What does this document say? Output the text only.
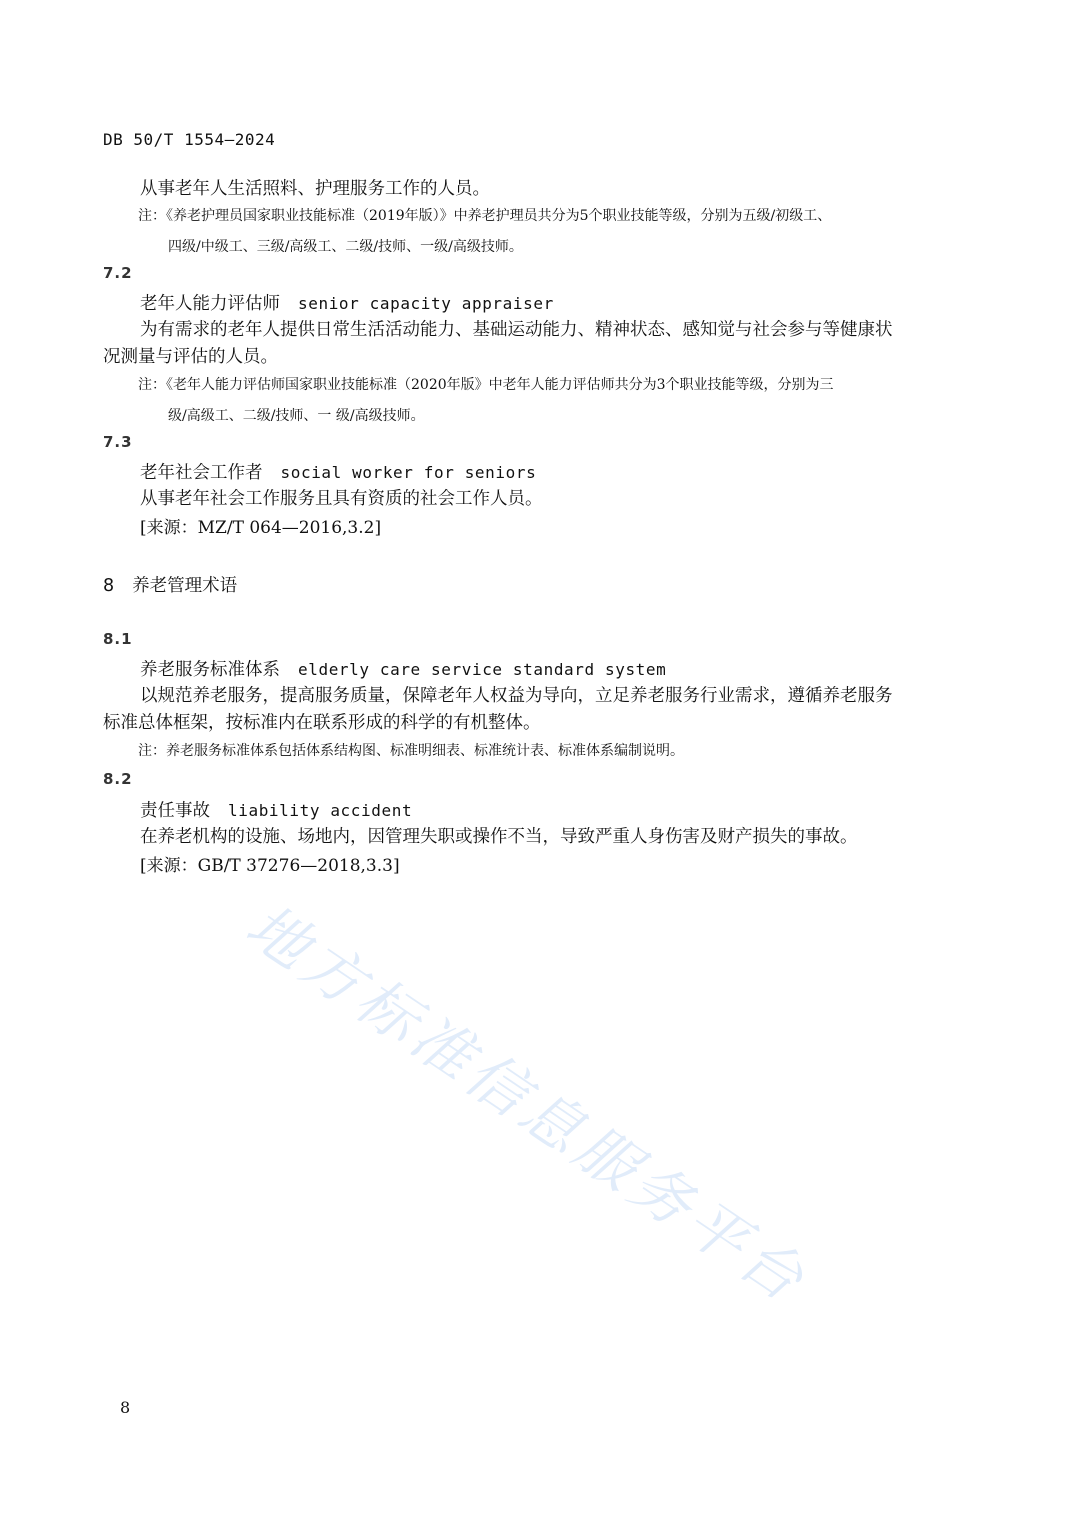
DB 50/T 1554—2024
从事老年人生活照料、护理服务工作的人员。
注：《养老护理员国家职业技能标准（2019年版）》中养老护理员共分为5个职业技能等级，分别为五级/初级工、
四级/中级工、三级/高级工、二级/技师、一级/高级技师。
7.2
老年人能力评估师 senior capacity appraiser
为有需求的老年人提供日常生活活动能力、基础运动能力、精神状态、感知觉与社会参与等健康状
况测量与评估的人员。
注：《老年人能力评估师国家职业技能标准（2020年版》中老年人能力评估师共分为3个职业技能等级，分别为三
级/高级工、二级/技师、一 级/高级技师。
7.3
老年社会工作者 social worker for seniors
从事老年社会工作服务且具有资质的社会工作人员。
[来源：MZ/T 064—2016,3.2]
8 养老管理术语
8.1
养老服务标准体系 elderly care service standard system
以规范养老服务，提高服务质量，保障老年人权益为导向，立足养老服务行业需求，遵循养老服务
标准总体框架，按标准内在联系形成的科学的有机整体。
注：养老服务标准体系包括体系结构图、标准明细表、标准统计表、标准体系编制说明。
8.2
责任事故 liability accident
在养老机构的设施、场地内，因管理失职或操作不当，导致严重人身伤害及财产损失的事故。
[来源：GB/T 37276—2018,3.3]
地方标准信息服务平台
8
